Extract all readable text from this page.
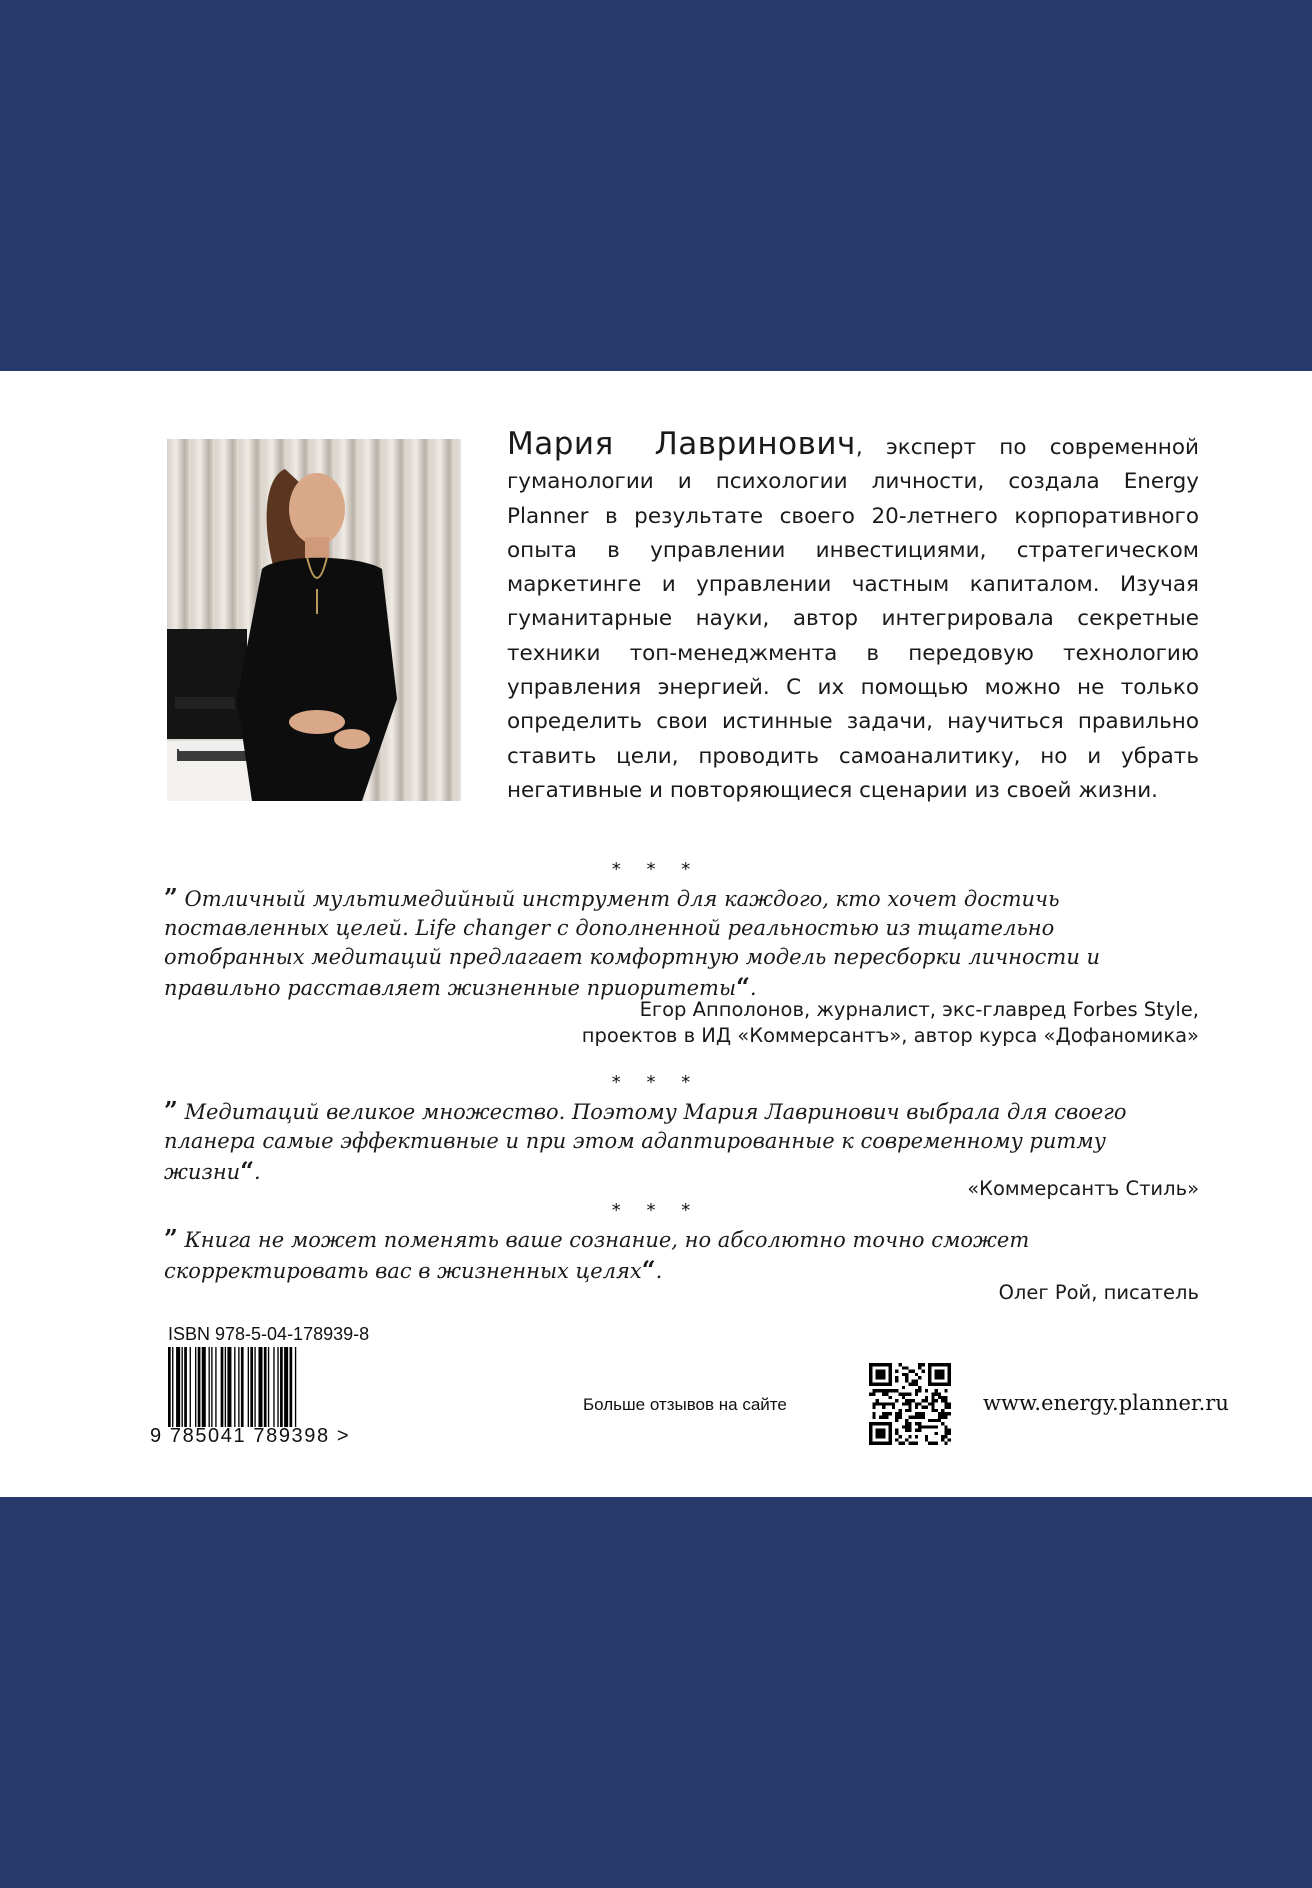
Мария Лавринович, эксперт по современной гуманологии и психологии личности, создала Energy Planner в результате своего 20-летнего корпоративного опыта в управлении инвестициями, стратегическом маркетинге и управлении частным капиталом. Изучая гуманитарные науки, автор интегрировала секретные техники топ-менеджмента в передовую технологию управления энергией. С их помощью можно не только определить свои истинные задачи, научиться правильно ставить цели, проводить самоаналитику, но и убрать негативные и повторяющиеся сценарии из своей жизни.

* * *

” Отличный мультимедийный инструмент для каждого, кто хочет достичь поставленных целей. Life changer с дополненной реальностью из тщательно отобранных медитаций предлагает комфортную модель пересборки личности и правильно расставляет жизненные приоритеты“.

Егор Апполонов, журналист, экс-главред Forbes Style,
проектов в ИД «Коммерсантъ», автор курса «Дофаномика»
* * *

” Медитаций великое множество. Поэтому Мария Лавринович выбрала для своего планера самые эффективные и при этом адаптированные к современному ритму жизни“.

«Коммерсантъ Стиль»
* * *

” Книга не может поменять ваше сознание, но абсолютно точно сможет скорректировать вас в жизненных целях“.

Олег Рой, писатель
ISBN 978-5-04-178939-8
9 785041 789398 >
Больше отзывов на сайте	www.energy.planner.ru
